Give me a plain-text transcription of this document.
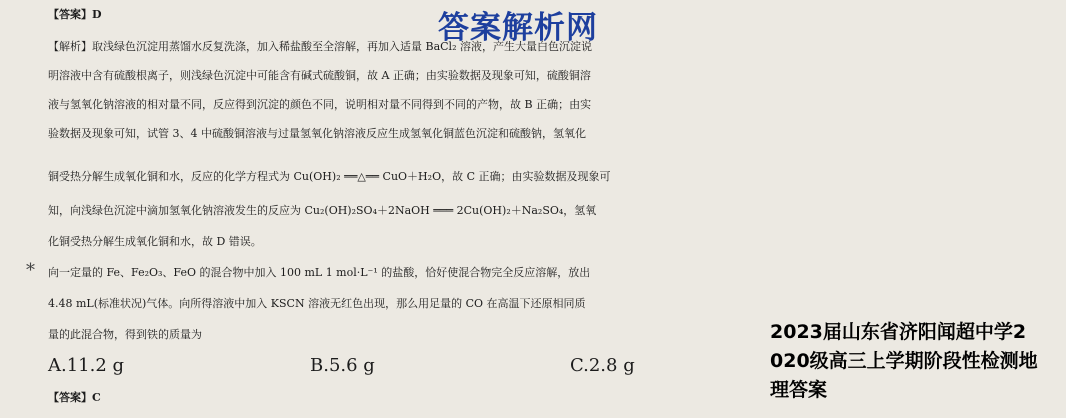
【答案】D	答案解析网
【解析】取浅绿色沉淀用蒸馏水反复洗涤，加入稀盐酸至全溶解，再加入适量 BaCl₂ 溶液，产生大量白色沉淀说
明溶液中含有硫酸根离子，则浅绿色沉淀中可能含有碱式硫酸铜，故 A 正确；由实验数据及现象可知，硫酸铜溶
液与氢氧化钠溶液的相对量不同，反应得到沉淀的颜色不同，说明相对量不同得到不同的产物，故 B 正确；由实
验数据及现象可知，试管 3、4 中硫酸铜溶液与过量氢氧化钠溶液反应生成氢氧化铜蓝色沉淀和硫酸钠，氢氧化
铜受热分解生成氧化铜和水，反应的化学方程式为 Cu(OH)₂ ══△══ CuO＋H₂O，故 C 正确；由实验数据及现象可
知，向浅绿色沉淀中滴加氢氧化钠溶液发生的反应为 Cu₂(OH)₂SO₄＋2NaOH ═══ 2Cu(OH)₂＋Na₂SO₄，氢氧
化铜受热分解生成氧化铜和水，故 D 错误。
* 向一定量的 Fe、Fe₂O₃、FeO 的混合物中加入 100 mL 1 mol·L⁻¹ 的盐酸，恰好使混合物完全反应溶解，放出
4.48 mL(标准状况)气体。向所得溶液中加入 KSCN 溶液无红色出现，那么用足量的 CO 在高温下还原相同质
量的此混合物，得到铁的质量为
A.11.2 g	B.5.6 g	C.2.8 g
【答案】C
2023届山东省济阳闻超中学2
020级高三上学期阶段性检测地
理答案
